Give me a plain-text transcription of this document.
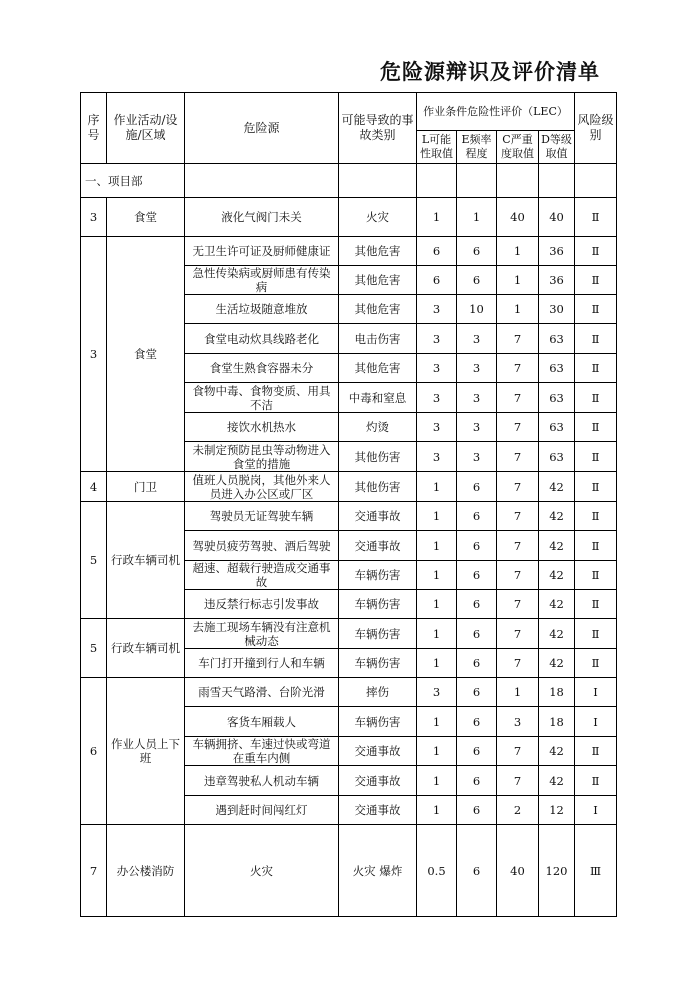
危险源辩识及评价清单
序号	作业活动/设施/区域	危险源	可能导致的事故类别	作业条件危险性评价（LEC）				风险级别
				L可能性取值	E频率程度	C严重度取值	D等级取值	
一、项目部								
3	食堂	液化气阀门未关	火灾	1	1	40	40	Ⅱ
3	食堂	无卫生许可证及厨师健康证	其他危害	6	6	1	36	Ⅱ
		急性传染病或厨师患有传染病	其他危害	6	6	1	36	Ⅱ
		生活垃圾随意堆放	其他危害	3	10	1	30	Ⅱ
		食堂电动炊具线路老化	电击伤害	3	3	7	63	Ⅱ
		食堂生熟食容器未分	其他危害	3	3	7	63	Ⅱ
		食物中毒、食物变质、用具不洁	中毒和窒息	3	3	7	63	Ⅱ
		接饮水机热水	灼烫	3	3	7	63	Ⅱ
		未制定预防昆虫等动物进入食堂的措施	其他伤害	3	3	7	63	Ⅱ
4	门卫	值班人员脱岗，其他外来人员进入办公区或厂区	其他伤害	1	6	7	42	Ⅱ
5	行政车辆司机	驾驶员无证驾驶车辆	交通事故	1	6	7	42	Ⅱ
		驾驶员疲劳驾驶、酒后驾驶	交通事故	1	6	7	42	Ⅱ
		超速、超载行驶造成交通事故	车辆伤害	1	6	7	42	Ⅱ
		违反禁行标志引发事故	车辆伤害	1	6	7	42	Ⅱ
5	行政车辆司机	去施工现场车辆没有注意机械动态	车辆伤害	1	6	7	42	Ⅱ
		车门打开撞到行人和车辆	车辆伤害	1	6	7	42	Ⅱ
6	作业人员上下班	雨雪天气路滑、台阶光滑	摔伤	3	6	1	18	Ⅰ
		客货车厢载人	车辆伤害	1	6	3	18	Ⅰ
		车辆拥挤、车速过快或弯道在重车内侧	交通事故	1	6	7	42	Ⅱ
		违章驾驶私人机动车辆	交通事故	1	6	7	42	Ⅱ
		遇到赶时间闯红灯	交通事故	1	6	2	12	Ⅰ
7	办公楼消防	火灾	火灾 爆炸	0.5	6	40	120	Ⅲ
